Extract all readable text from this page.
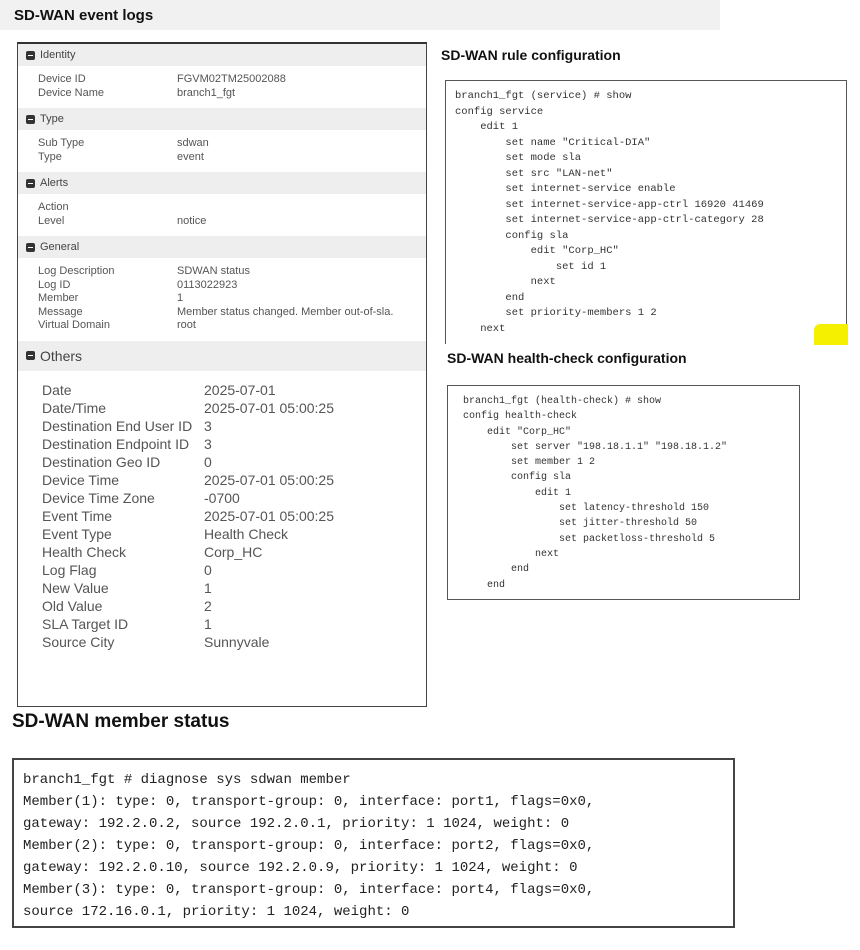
SD-WAN event logs
Identity
Device ID	FGVM02TM25002088
Device Name	branch1_fgt
Type
Sub Type	sdwan
Type	event
Alerts
Action
Level	notice
General
Log Description	SDWAN status
Log ID	0113022923
Member	1
Message	Member status changed. Member out-of-sla.
Virtual Domain	root
Others
Date	2025-07-01
Date/Time	2025-07-01 05:00:25
Destination End User ID 3
Destination Endpoint ID	3
Destination Geo ID	0
Device Time	2025-07-01 05:00:25
Device Time Zone	-0700
Event Time	2025-07-01 05:00:25
Event Type	Health Check
Health Check	Corp_HC
Log Flag	0
New Value	1
Old Value	2
SLA Target ID	1
Source City	Sunnyvale
SD-WAN rule configuration
branch1_fgt (service) # show
config service
edit 1
set name "Critical-DIA"
set mode sla
set src "LAN-net"
set internet-service enable
set internet-service-app-ctrl 16920 41469
set internet-service-app-ctrl-category 28
config sla
edit "Corp_HC"
set id 1
next
end
set priority-members 1 2
next
SD-WAN health-check configuration
branch1_fgt (health-check) # show
config health-check
edit "Corp_HC"
set server "198.18.1.1" "198.18.1.2"
set member 1 2
config sla
edit 1
set latency-threshold 150
set jitter-threshold 50
set packetloss-threshold 5
next
end
end
SD-WAN member status
branch1_fgt # diagnose sys sdwan member
Member(1): type: 0, transport-group: 0, interface: port1, flags=0x0,
gateway: 192.2.0.2, source 192.2.0.1, priority: 1 1024, weight: 0
Member(2): type: 0, transport-group: 0, interface: port2, flags=0x0,
gateway: 192.2.0.10, source 192.2.0.9, priority: 1 1024, weight: 0
Member(3): type: 0, transport-group: 0, interface: port4, flags=0x0,
source 172.16.0.1, priority: 1 1024, weight: 0
